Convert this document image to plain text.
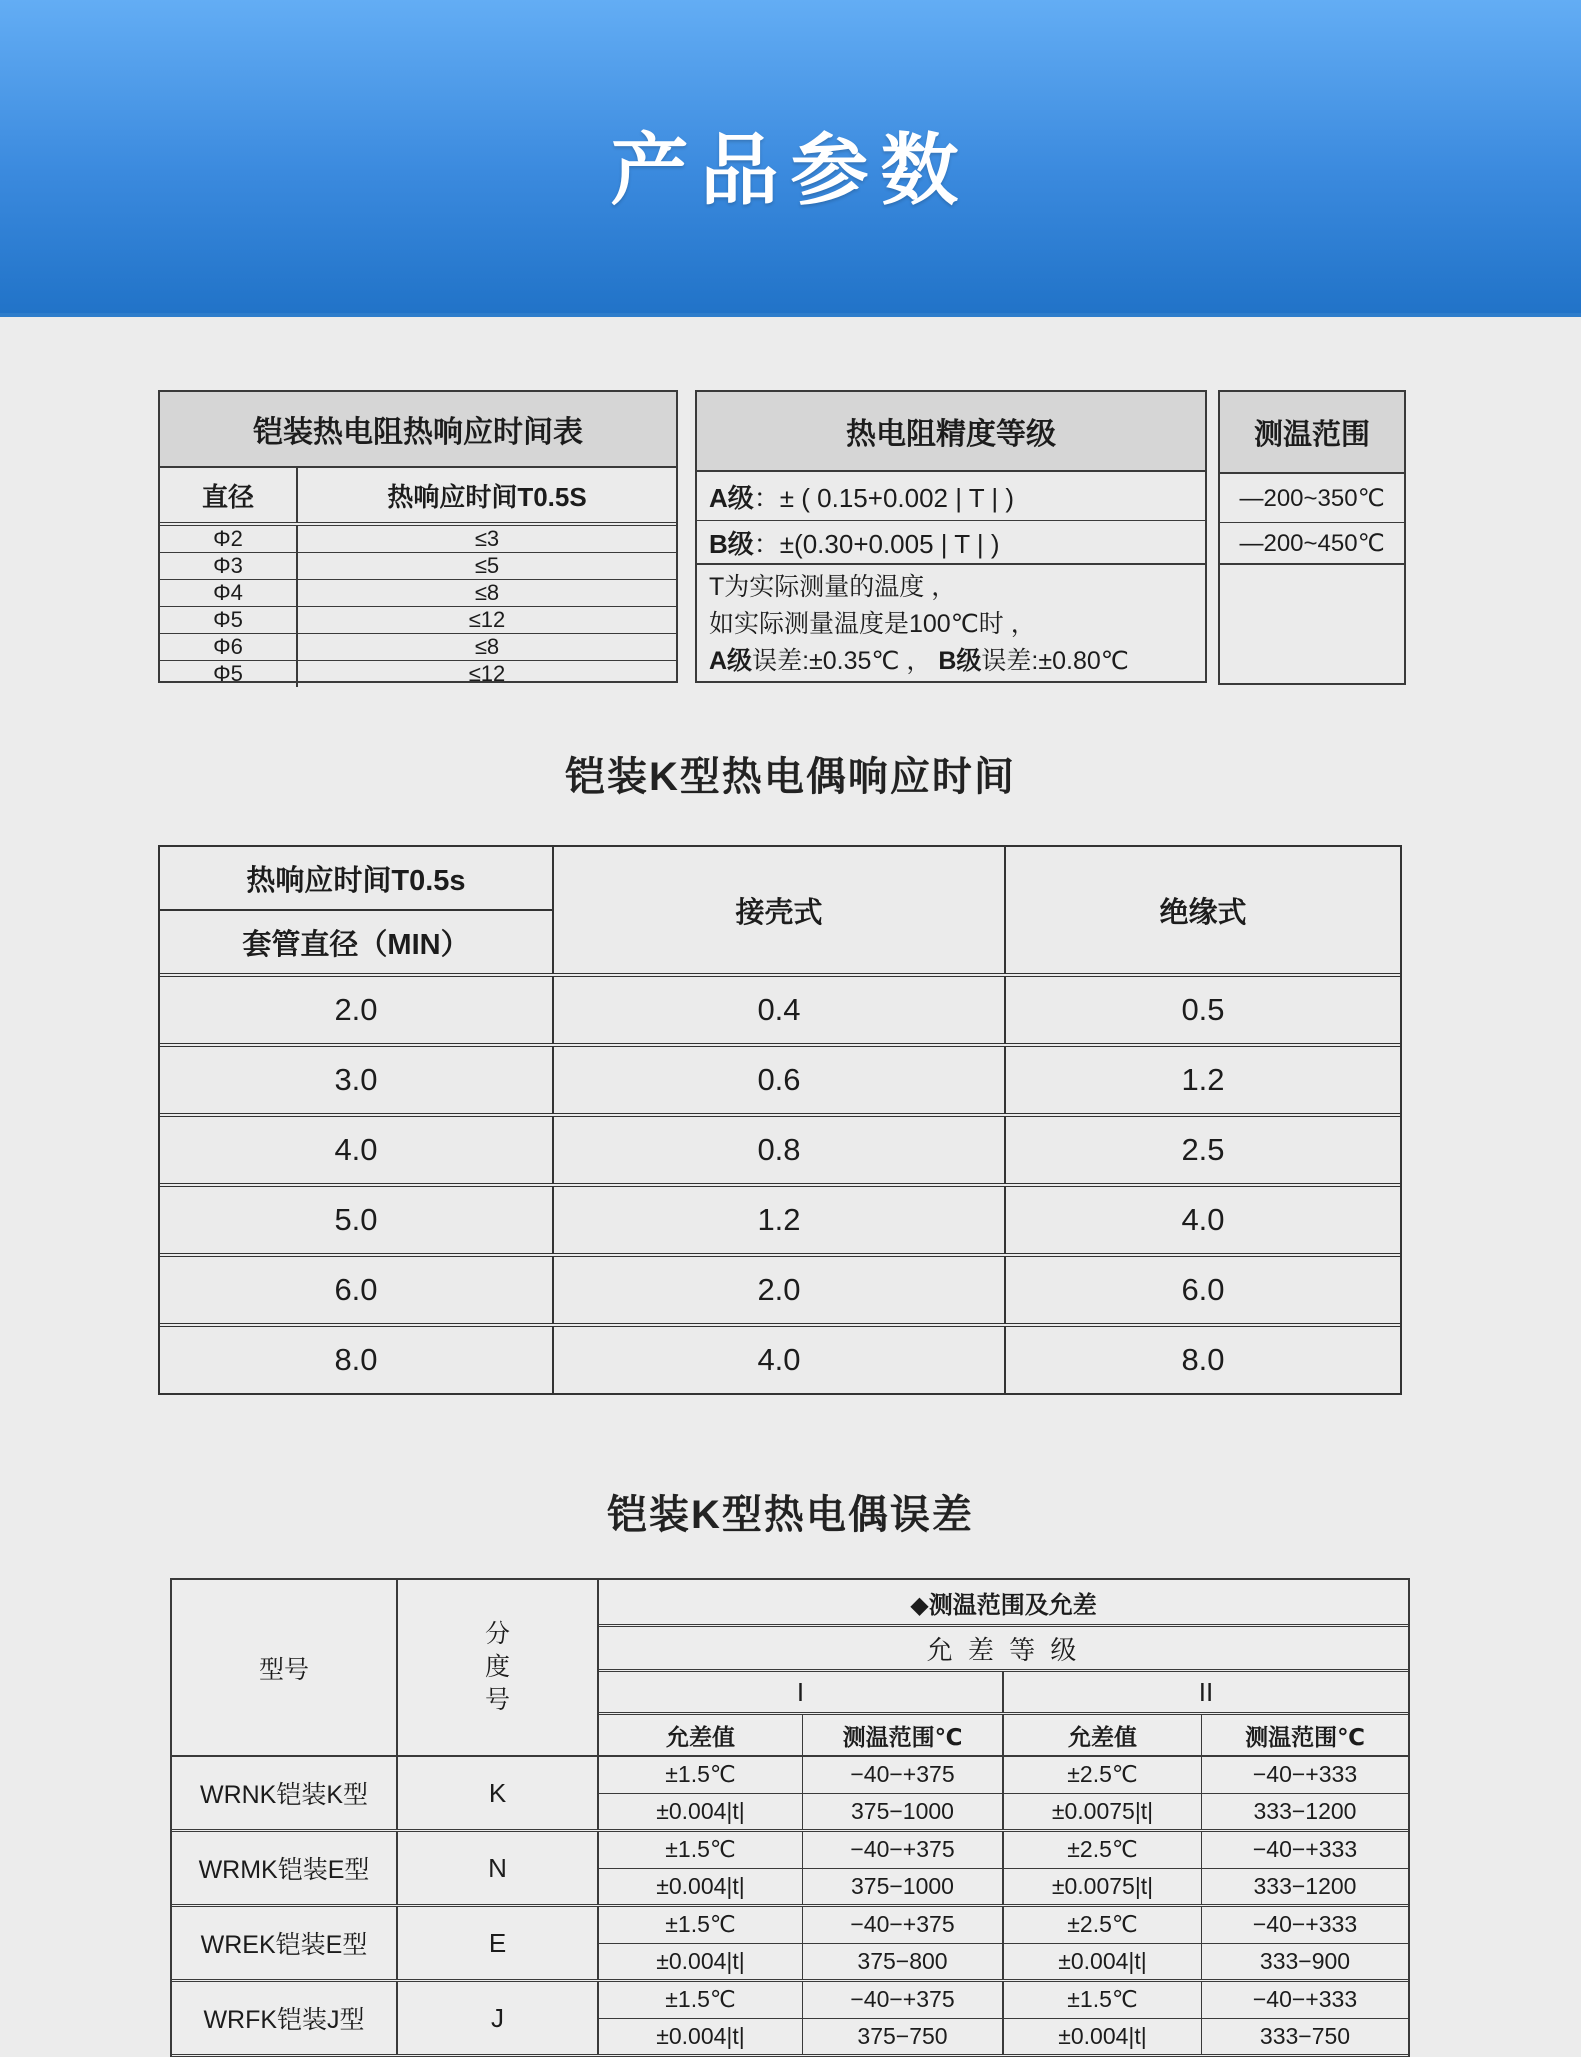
产品参数
铠装热电阻热响应时间表
直径	热响应时间T0.5S
Φ2	≤3
Φ3	≤5
Φ4	≤8
Φ5	≤12
Φ6	≤8
Φ5	≤12
热电阻精度等级
A级 ：± ( 0.15+0.002 | T | )
B级 ：±(0.30+0.005 | T | )
T为实际测量的温度 ，
如实际测量温度是100℃时 ，
A级误差:±0.35℃ ， B级误差:±0.80℃
测温范围
—200~350℃
—200~450℃
铠装K型热电偶响应时间
热响应时间T0.5s
套管直径（MIN）
接壳式	绝缘式
2.0	0.4	0.5
3.0	0.6	1.2
4.0	0.8	2.5
5.0	1.2	4.0
6.0	2.0	6.0
8.0	4.0	8.0
铠装K型热电偶误差
型号
分
度
号
◆测温范围及允差
允 差 等 级
I	II
允差值	测温范围℃	允差值	测温范围℃
WRNK铠装K型	K
±1.5℃	−40−+375	±2.5℃	−40−+333
±0.004|t|	375−1000	±0.0075|t|	333−1200
WRMK铠装E型	N
±1.5℃	−40−+375	±2.5℃	−40−+333
±0.004|t|	375−1000	±0.0075|t|	333−1200
WREK铠装E型	E
±1.5℃	−40−+375	±2.5℃	−40−+333
±0.004|t|	375−800	±0.004|t|	333−900
WRFK铠装J型	J
±1.5℃	−40−+375	±1.5℃	−40−+333
±0.004|t|	375−750	±0.004|t|	333−750
